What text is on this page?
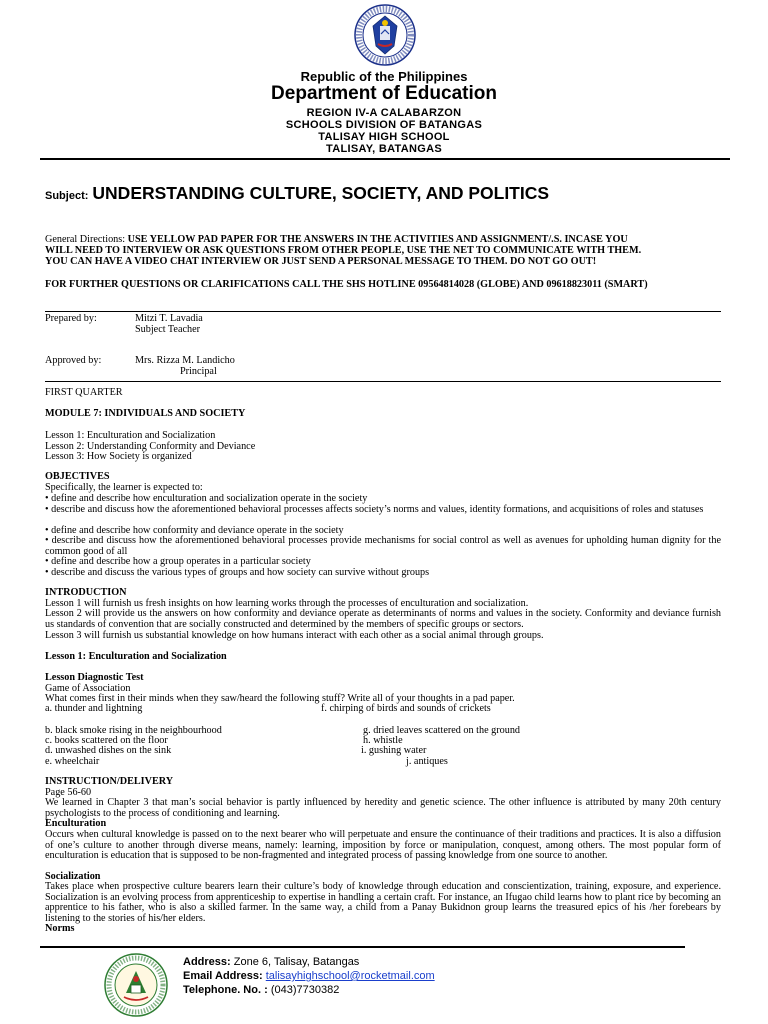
Republic of the Philippines
Department of Education
REGION IV-A CALABARZON
SCHOOLS DIVISION OF BATANGAS
TALISAY HIGH SCHOOL
TALISAY, BATANGAS
Subject: UNDERSTANDING CULTURE, SOCIETY, AND POLITICS
General Directions: USE YELLOW PAD PAPER FOR THE ANSWERS IN THE ACTIVITIES AND ASSIGNMENT/.S. INCASE YOU
WILL NEED TO INTERVIEW OR ASK QUESTIONS FROM OTHER PEOPLE, USE THE NET TO COMMUNICATE WITH THEM.
YOU CAN HAVE A VIDEO CHAT INTERVIEW OR JUST SEND A PERSONAL MESSAGE TO THEM. DO NOT GO OUT!
FOR FURTHER QUESTIONS OR CLARIFICATIONS CALL THE SHS HOTLINE 09564814028 (GLOBE) AND 09618823011 (SMART)
Prepared by:	Mitzi T. Lavadia
Subject Teacher
Approved by:	Mrs. Rizza M. Landicho
Principal
FIRST QUARTER
MODULE 7: INDIVIDUALS AND SOCIETY
Lesson 1: Enculturation and Socialization
Lesson 2: Understanding Conformity and Deviance
Lesson 3: How Society is organized
OBJECTIVES
Specifically, the learner is expected to:
• define and describe how enculturation and socialization operate in the society
• describe and discuss how the aforementioned behavioral processes affects society’s norms and values, identity formations, and acquisitions of roles and statuses
• define and describe how conformity and deviance operate in the society
• describe and discuss how the aforementioned behavioral processes provide mechanisms for social control as well as avenues for upholding human dignity for the common good of all
• define and describe how a group operates in a particular society
• describe and discuss the various types of groups and how society can survive without groups
INTRODUCTION
Lesson 1 will furnish us fresh insights on how learning works through the processes of enculturation and socialization.
Lesson 2 will provide us the answers on how conformity and deviance operate as determinants of norms and values in the society. Conformity and deviance furnish us standards of convention that are socially constructed and determined by the members of specific groups or sectors.
Lesson 3 will furnish us substantial knowledge on how humans interact with each other as a social animal through groups.
Lesson 1: Enculturation and Socialization
Lesson Diagnostic Test
Game of Association
What comes first in their minds when they saw/heard the following stuff? Write all of your thoughts in a pad paper.
a. thunder and lightning	f. chirping of birds and sounds of crickets
b. black smoke rising in the neighbourhood	g. dried leaves scattered on the ground
c. books scattered on the floor	h. whistle
d. unwashed dishes on the sink	i. gushing water
e. wheelchair	j. antiques
INSTRUCTION/DELIVERY
Page 56-60
We learned in Chapter 3 that man’s social behavior is partly influenced by heredity and genetic science. The other influence is attributed by many 20th century psychologists to the process of conditioning and learning.
Enculturation
Occurs when cultural knowledge is passed on to the next bearer who will perpetuate and ensure the continuance of their traditions and practices. It is also a diffusion of one’s culture to another through diverse means, namely: learning, imposition by force or manipulation, conquest, among others. The most popular form of enculturation is education that is supposed to be non-fragmented and integrated process of passing knowledge from one source to another.
Socialization
Takes place when prospective culture bearers learn their culture’s body of knowledge through education and conscientization, training, exposure, and experience. Socialization is an evolving process from apprenticeship to expertise in handling a certain craft. For instance, an Ifugao child learns how to plant rice by becoming an apprentice to his father, who is also a skilled farmer. In the same way, a child from a Panay Bukidnon group learns the treasured epics of his /her forebears by listening to the stories of his/her elders.
Norms
Address: Zone 6, Talisay, Batangas
Email Address: talisayhighschool@rocketmail.com
Telephone. No. : (043)7730382
